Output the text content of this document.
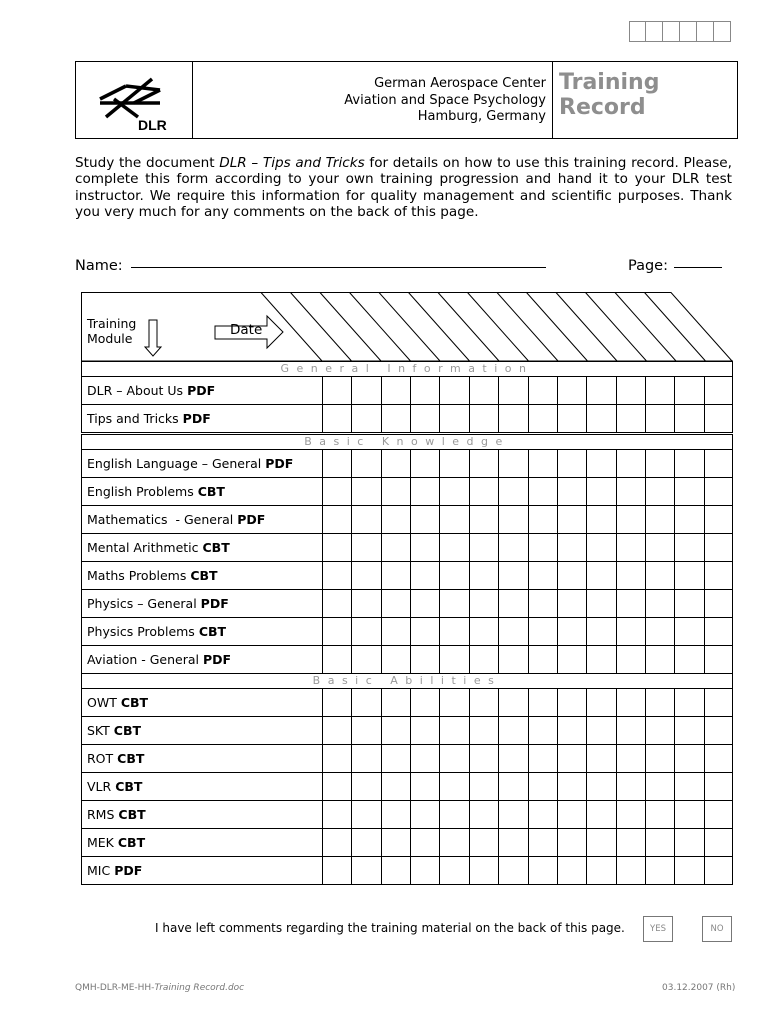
DLR
German Aerospace Center
Aviation and Space Psychology
Hamburg, Germany
Training
Record
Study the document DLR – Tips and Tricks for details on how to use this training record. Please, complete this form according to your own training progression and hand it to your DLR test instructor. We require this information for quality management and scientific purposes. Thank you very much for any comments on the back of this page.
Name:	Page:
Training
Module	Date
General Information
DLR – About Us PDF
Tips and Tricks PDF
Basic Knowledge
English Language – General PDF
English Problems CBT
Mathematics  - General PDF
Mental Arithmetic CBT
Maths Problems CBT
Physics – General PDF
Physics Problems CBT
Aviation - General PDF
Basic Abilities
OWT CBT
SKT CBT
ROT CBT
VLR CBT
RMS CBT
MEK CBT
MIC PDF
I have left comments regarding the training material on the back of this page.	YES	NO
QMH-DLR-ME-HH-Training Record.doc	03.12.2007 (Rh)
